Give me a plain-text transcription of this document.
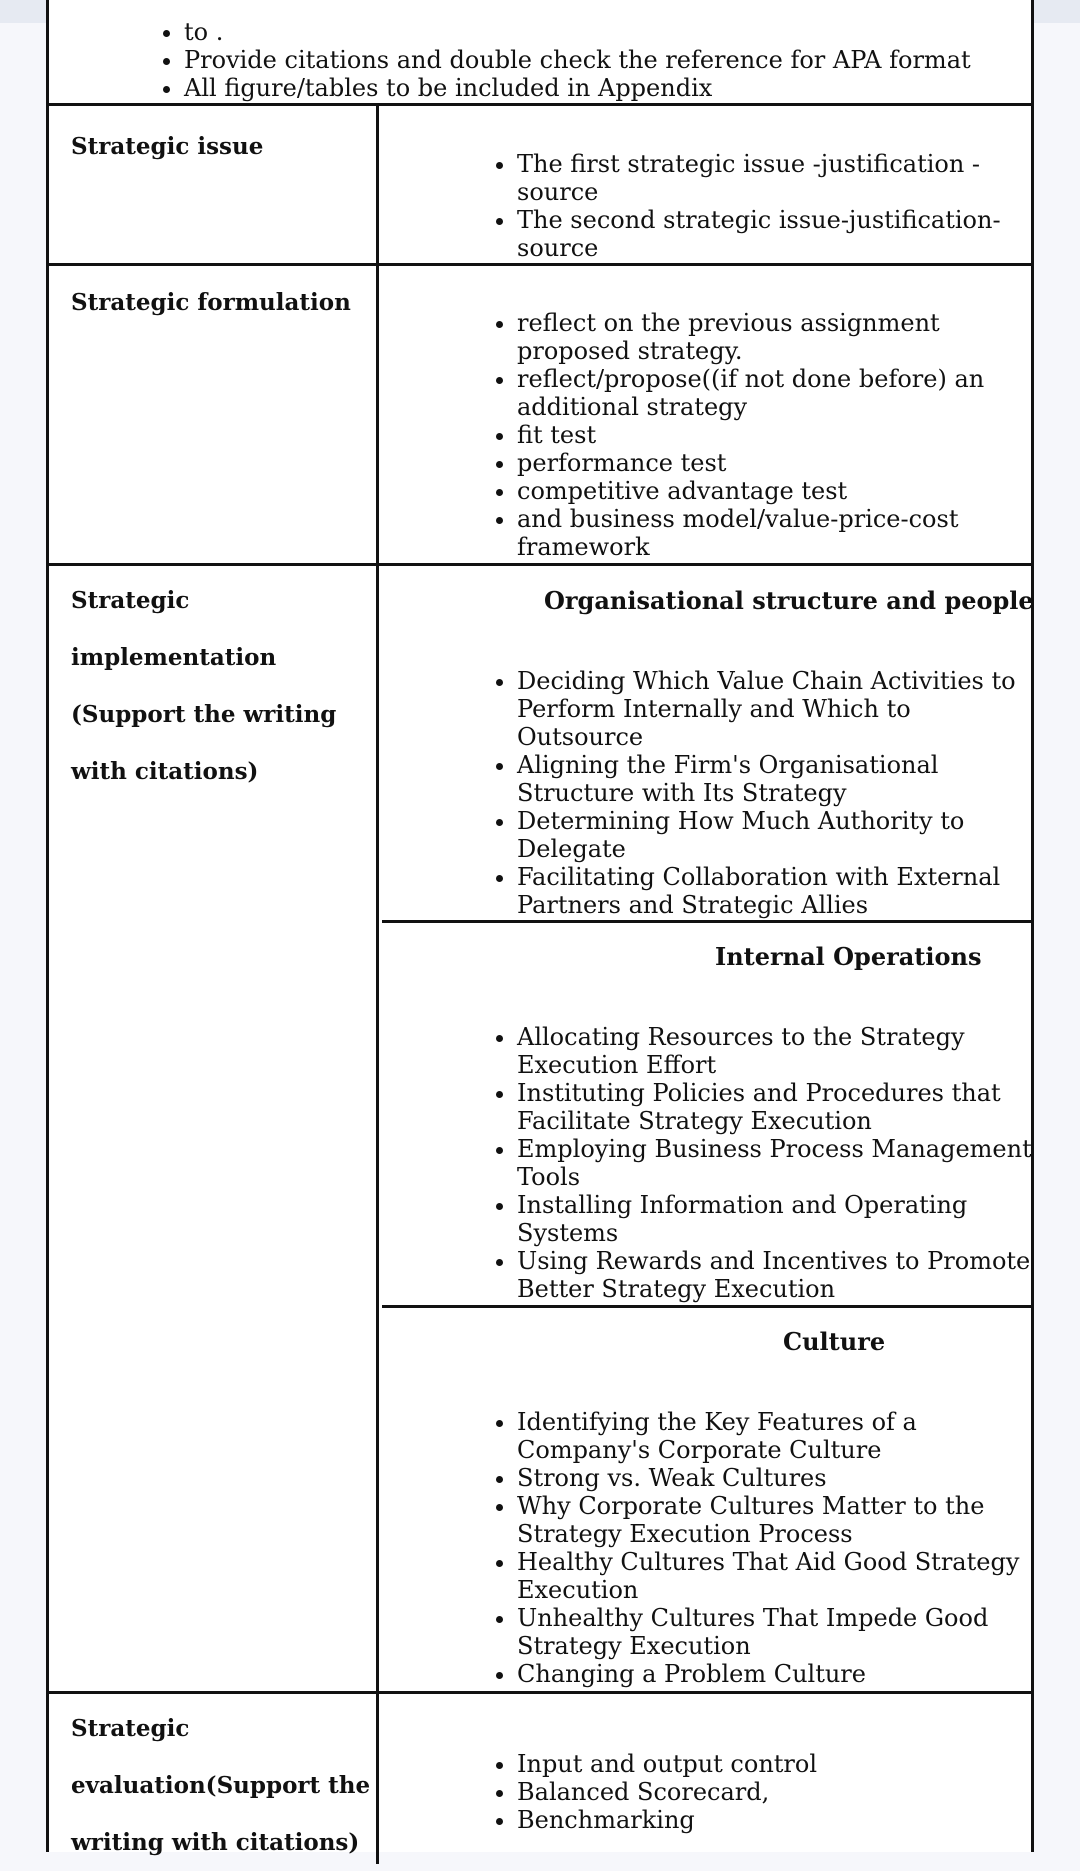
• to .
• Provide citations and double check the reference for APA format
• All figure/tables to be included in Appendix
Strategic issue
• The first strategic issue -justification - source
• The second strategic issue-justification-source
Strategic formulation
• reflect on the previous assignment proposed strategy.
• reflect/propose((if not done before) an additional strategy
• fit test
• performance test
• competitive advantage test
• and business model/value-price-cost framework
Strategic
implementation
(Support the writing
with citations)
Organisational structure and people
• Deciding Which Value Chain Activities to Perform Internally and Which to Outsource
• Aligning the Firm's Organisational Structure with Its Strategy
• Determining How Much Authority to Delegate
• Facilitating Collaboration with External Partners and Strategic Allies
Internal Operations
• Allocating Resources to the Strategy Execution Effort
• Instituting Policies and Procedures that Facilitate Strategy Execution
• Employing Business Process Management Tools
• Installing Information and Operating Systems
• Using Rewards and Incentives to Promote Better Strategy Execution
Culture
• Identifying the Key Features of a Company's Corporate Culture
• Strong vs. Weak Cultures
• Why Corporate Cultures Matter to the Strategy Execution Process
• Healthy Cultures That Aid Good Strategy Execution
• Unhealthy Cultures That Impede Good Strategy Execution
• Changing a Problem Culture
Strategic
evaluation(Support the
writing with citations)
• Input and output control
• Balanced Scorecard,
• Benchmarking
